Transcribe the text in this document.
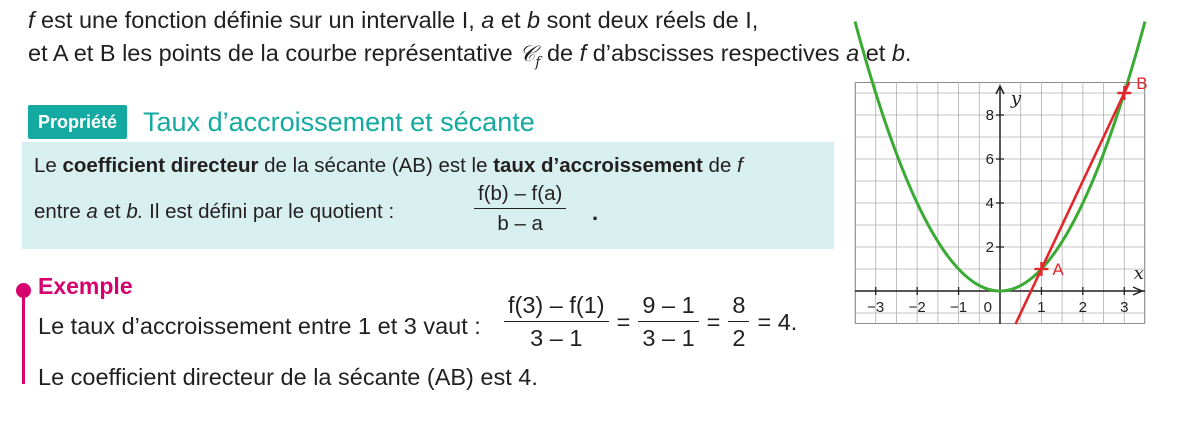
f est une fonction définie sur un intervalle I, a et b sont deux réels de I,
et A et B les points de la courbe représentative 𝒞$_f$ de f d’abscisses respectives a et b.
Propriété Taux d’accroissement et sécante
Le coefficient directeur de la sécante (AB) est le taux d’accroissement de f
entre a et b. Il est défini par le quotient :	$\frac{f(b) - f(a)}{b - a}$ .
Exemple
Le taux d’accroissement entre 1 et 3 vaut : $\frac{f(3) - f(1)}{3 - 1} = \frac{9 - 1}{3 - 1} = \frac{8}{2} = 4$.
Le coefficient directeur de la sécante (AB) est 4.
−3 −2 −1	1 2 3
2
4
6
8
0
x
y
A
B
